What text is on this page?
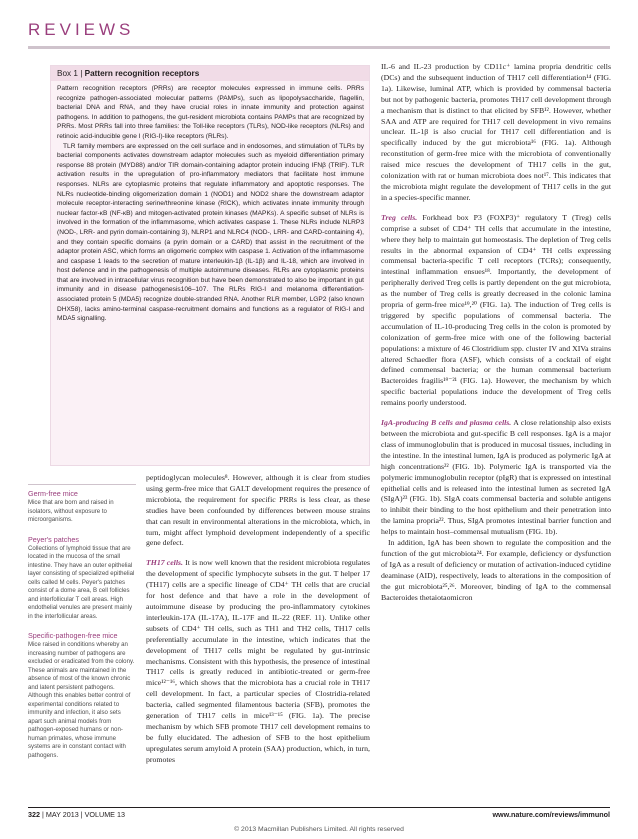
REVIEWS
Box 1 | Pattern recognition receptors

Pattern recognition receptors (PRRs) are receptor molecules expressed in immune cells. PRRs recognize pathogen-associated molecular patterns (PAMPs), such as lipopolysaccharide, flagellin, bacterial DNA and RNA, and they have crucial roles in innate immunity and protection against pathogens. In addition to pathogens, the gut-resident microbiota contains PAMPs that are recognized by PRRs. Most PRRs fall into three families: the Toll-like receptors (TLRs), NOD-like receptors (NLRs) and retinoic acid-inducible gene I (RIG-I)-like receptors (RLRs).

TLR family members are expressed on the cell surface and in endosomes, and stimulation of TLRs by bacterial components activates downstream adaptor molecules such as myeloid differentiation primary response 88 protein (MYD88) and/or TIR domain-containing adaptor protein inducing IFNβ (TRIF). TLR activation results in the upregulation of pro-inflammatory mediators that facilitate host immune responses. NLRs are cytoplasmic proteins that regulate inflammatory and apoptotic responses. The NLRs nucleotide-binding oligomerization domain 1 (NOD1) and NOD2 share the downstream adaptor molecule receptor-interacting serine/threonine kinase (RICK), which activates innate immunity through nuclear factor-κB (NF-κB) and mitogen-activated protein kinases (MAPKs). A specific subset of NLRs is involved in the formation of the inflammasome, which activates caspase 1. These NLRs include NLRP3 (NOD-, LRR- and pyrin domain-containing 3), NLRP1 and NLRC4 (NOD-, LRR- and CARD-containing 4), and they contain specific domains (a pyrin domain or a CARD) that assist in the recruitment of the adaptor protein ASC, which forms an oligomeric complex with caspase 1. Activation of the inflammasome and caspase 1 leads to the secretion of mature interleukin-1β (IL-1β) and IL-18, which are involved in host defence and in the pathogenesis of multiple autoimmune diseases. RLRs are cytoplasmic proteins that are involved in intracellular virus recognition but have been demonstrated to also be important in gut immunity and in disease pathogenesis106–107. The RLRs RIG-I and melanoma differentiation-associated protein 5 (MDA5) recognize double-stranded RNA. Another RLR member, LGP2 (also known DHX58), lacks amino-terminal caspase-recruitment domains and functions as a regulator of RIG-I and MDA5 signalling.

Germ-free mice
Mice that are born and raised in isolators, without exposure to microorganisms.
Peyer's patches
Collections of lymphoid tissue that are located in the mucosa of the small intestine. They have an outer epithelial layer consisting of specialized epithelial cells called M cells. Peyer's patches consist of a dome area, B cell follicles and interfollicular T cell areas. High endothelial venules are present mainly in the interfollicular areas.
Specific-pathogen-free mice
Mice raised in conditions whereby an increasing number of pathogens are excluded or eradicated from the colony. These animals are maintained in the absence of most of the known chronic and latent persistent pathogens. Although this enables better control of experimental conditions related to immunity and infection, it also sets apart such animal models from pathogen-exposed humans or non-human primates, whose immune systems are in constant contact with pathogens.

peptidoglycan molecules⁸. However, although it is clear from studies using germ-free mice that GALT development requires the presence of microbiota, the requirement for specific PRRs is less clear, as these studies have been confounded by differences between mouse strains that can result in environmental alterations in the microbiota, which, in turn, might affect lymphoid development independently of a specific gene defect.

TH17 cells. It is now well known that the resident microbiota regulates the development of specific lymphocyte subsets in the gut. T helper 17 (TH17) cells are a specific lineage of CD4⁺ TH cells that are crucial for host defence and that have a role in the development of autoimmune disease by producing the pro-inflammatory cytokines interleukin-17A (IL-17A), IL-17F and IL-22 (REF. 11). Unlike other subsets of CD4⁺ TH cells, such as TH1 and TH2 cells, TH17 cells preferentially accumulate in the intestine, which indicates that the development of TH17 cells might be regulated by gut-intrinsic mechanisms. Consistent with this hypothesis, the presence of intestinal TH17 cells is greatly reduced in antibiotic-treated or germ-free mice¹²⁻¹⁶, which shows that the microbiota has a crucial role in TH17 cell development. In fact, a particular species of Clostridia-related bacteria, called segmented filamentous bacteria (SFB), promotes the generation of TH17 cells in mice¹³⁻¹⁵ (FIG. 1a). The precise mechanism by which SFB promote TH17 cell development remains to be fully elucidated. The adhesion of SFB to the host epithelium upregulates serum amyloid A protein (SAA) production, which, in turn, promotes

IL-6 and IL-23 production by CD11c⁺ lamina propria dendritic cells (DCs) and the subsequent induction of TH17 cell differentiation¹⁴ (FIG. 1a). Likewise, luminal ATP, which is provided by commensal bacteria but not by pathogenic bacteria, promotes TH17 cell development through a mechanism that is distinct to that elicited by SFB¹². However, whether SAA and ATP are required for TH17 cell development in vivo remains unclear. IL-1β is also crucial for TH17 cell differentiation and is specifically induced by the gut microbiota¹⁶ (FIG. 1a). Although reconstitution of germ-free mice with the microbiota of conventionally raised mice rescues the development of TH17 cells in the gut, colonization with rat or human microbiota does not¹⁷. This indicates that the microbiota might regulate the development of TH17 cells in the gut in a species-specific manner.

Treg cells. Forkhead box P3 (FOXP3)⁺ regulatory T (Treg) cells comprise a subset of CD4⁺ TH cells that accumulate in the intestine, where they help to maintain gut homeostasis. The depletion of Treg cells results in the abnormal expansion of CD4⁺ TH cells expressing commensal bacteria-specific T cell receptors (TCRs); consequently, intestinal inflammation ensues¹⁸. Importantly, the development of peripherally derived Treg cells is partly dependent on the gut microbiota, as the number of Treg cells is greatly decreased in the colonic lamina propria of germ-free mice¹⁹,²⁰ (FIG. 1a). The induction of Treg cells is triggered by specific populations of commensal bacteria. The accumulation of IL-10-producing Treg cells in the colon is promoted by colonization of germ-free mice with one of the following bacterial populations: a mixture of 46 Clostridium spp. cluster IV and XIVa strains altered Schaedler flora (ASF), which consists of a cocktail of eight defined commensal bacteria; or the human commensal bacterium Bacteroides fragilis¹⁹⁻²¹ (FIG. 1a). However, the mechanism by which specific bacterial populations induce the development of Treg cells remains poorly understood.

IgA-producing B cells and plasma cells. A close relationship also exists between the microbiota and gut-specific B cell responses. IgA is a major class of immunoglobulin that is produced in mucosal tissues, including in the intestine. In the intestinal lumen, IgA is produced as polymeric IgA at high concentrations²² (FIG. 1b). Polymeric IgA is transported via the polymeric immunoglobulin receptor (pIgR) that is expressed on intestinal epithelial cells and is released into the intestinal lumen as secreted IgA (SIgA)²³ (FIG. 1b). SIgA coats commensal bacteria and soluble antigens to inhibit their binding to the host epithelium and their penetration into the lamina propria²². Thus, SIgA promotes intestinal barrier function and helps to maintain host–commensal mutualism (FIG. 1b).

In addition, IgA has been shown to regulate the composition and the function of the gut microbiota²⁴. For example, deficiency or dysfunction of IgA as a result of deficiency or mutation of activation-induced cytidine deaminase (AID), respectively, leads to alterations in the composition of the gut microbiota²⁵,²⁶. Moreover, binding of IgA to the commensal Bacteroides thetaiotaomicron

322 | MAY 2013 | VOLUME 13	www.nature.com/reviews/immunol
© 2013 Macmillan Publishers Limited. All rights reserved
